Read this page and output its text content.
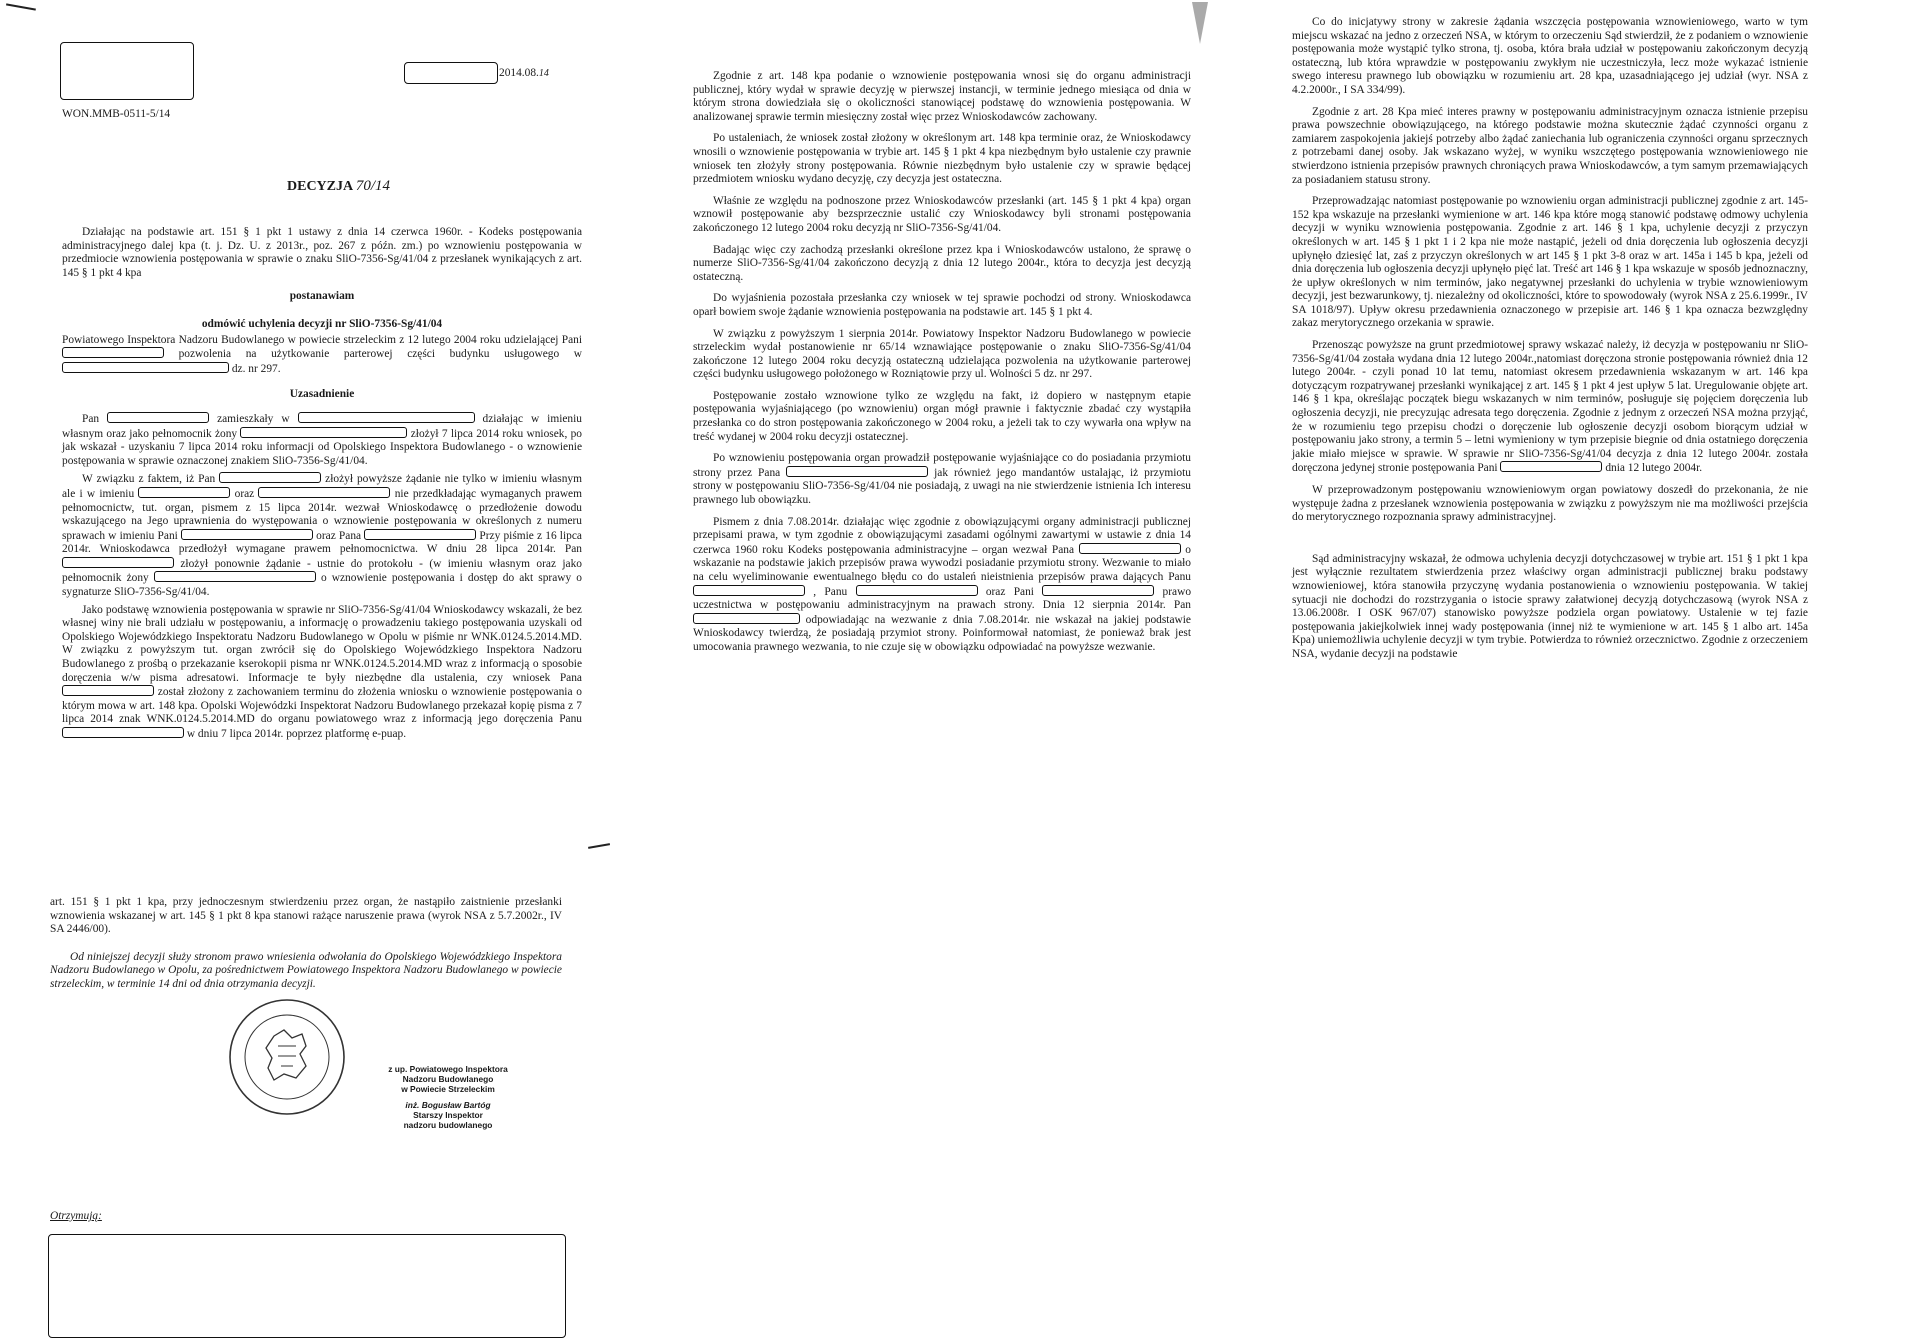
WON.MMB-0511-5/14
2014.08.14
DECYZJA 70/14

Działając na podstawie art. 151 § 1 pkt 1 ustawy z dnia 14 czerwca 1960r. - Kodeks postępowania administracyjnego dalej kpa (t. j. Dz. U. z 2013r., poz. 267 z późn. zm.) po wznowieniu postępowania w przedmiocie wznowienia postępowania w sprawie o znaku SliO-7356-Sg/41/04 z przesłanek wynikających z art. 145 § 1 pkt 4 kpa

postanawiam

odmówić uchylenia decyzji nr SliO-7356-Sg/41/04

Powiatowego Inspektora Nadzoru Budowlanego w powiecie strzeleckim z 12 lutego 2004 roku udzielającej Pani  pozwolenia na użytkowanie parterowej części budynku usługowego w  dz. nr 297.

Uzasadnienie

Pan	zamieszkały w	działając w imieniu własnym oraz jako pełnomocnik żony	złożył 7 lipca 2014 roku wniosek, po jak wskazał - uzyskaniu 7 lipca 2014 roku informacji od Opolskiego Inspektora Budowlanego - o wznowienie postępowania w sprawie oznaczonej znakiem SliO-7356-Sg/41/04.

W związku z faktem, iż Pan	złożył powyższe żądanie nie tylko w imieniu własnym ale i w imieniu	oraz	nie przedkładając wymaganych prawem pełnomocnictw, tut. organ, pismem z 15 lipca 2014r. wezwał Wnioskodawcę o przedłożenie dowodu wskazującego na Jego uprawnienia do występowania o wznowienie postępowania w określonych z numeru sprawach w imieniu Pani	oraz Pana	Przy piśmie z 16 lipca 2014r. Wnioskodawca przedłożył wymagane prawem pełnomocnictwa. W dniu 28 lipca 2014r. Pan  złożył ponownie żądanie - ustnie do protokołu - (w imieniu własnym oraz jako pełnomocnik żony	o wznowienie postępowania i dostęp do akt sprawy o sygnaturze SliO-7356-Sg/41/04.

Jako podstawę wznowienia postępowania w sprawie nr SliO-7356-Sg/41/04 Wnioskodawcy wskazali, że bez własnej winy nie brali udziału w postępowaniu, a informację o prowadzeniu takiego postępowania uzyskali od Opolskiego Wojewódzkiego Inspektoratu Nadzoru Budowlanego w Opolu w piśmie nr WNK.0124.5.2014.MD. W związku z powyższym tut. organ zwrócił się do Opolskiego Wojewódzkiego Inspektora Nadzoru Budowlanego z prośbą o przekazanie kserokopii pisma nr WNK.0124.5.2014.MD wraz z informacją o sposobie doręczenia w/w pisma adresatowi. Informacje te były niezbędne dla ustalenia, czy wniosek Pana  został złożony z zachowaniem terminu do złożenia wniosku o wznowienie postępowania o którym mowa w art. 148 kpa. Opolski Wojewódzki Inspektorat Nadzoru Budowlanego przekazał kopię pisma z 7 lipca 2014 znak WNK.0124.5.2014.MD do organu powiatowego wraz z informacją jego doręczenia Panu  w dniu 7 lipca 2014r. poprzez platformę e-puap.

art. 151 § 1 pkt 1 kpa, przy jednoczesnym stwierdzeniu przez organ, że nastąpiło zaistnienie przesłanki wznowienia wskazanej w art. 145 § 1 pkt 8 kpa stanowi rażące naruszenie prawa (wyrok NSA z 5.7.2002r., IV SA 2446/00).

Od niniejszej decyzji służy stronom prawo wniesienia odwołania do Opolskiego Wojewódzkiego Inspektora Nadzoru Budowlanego w Opolu, za pośrednictwem Powiatowego Inspektora Nadzoru Budowlanego w powiecie strzeleckim, w terminie 14 dni od dnia otrzymania decyzji.

z up. Powiatowego Inspektora
Nadzoru Budowlanego
w Powiecie Strzeleckim
inż. Bogusław Bartóg
Starszy Inspektor
nadzoru budowlanego
Otrzymują:

Zgodnie z art. 148 kpa podanie o wznowienie postępowania wnosi się do organu administracji publicznej, który wydał w sprawie decyzję w pierwszej instancji, w terminie jednego miesiąca od dnia w którym strona dowiedziała się o okoliczności stanowiącej podstawę do wznowienia postępowania. W analizowanej sprawie termin miesięczny został więc przez Wnioskodawców zachowany.

Po ustaleniach, że wniosek został złożony w określonym art. 148 kpa terminie oraz, że Wnioskodawcy wnosili o wznowienie postępowania w trybie art. 145 § 1 pkt 4 kpa niezbędnym było ustalenie czy prawnie wniosek ten złożyły strony postępowania. Równie niezbędnym było ustalenie czy w sprawie będącej przedmiotem wniosku wydano decyzję, czy decyzja jest ostateczna.

Właśnie ze względu na podnoszone przez Wnioskodawców przesłanki (art. 145 § 1 pkt 4 kpa) organ wznowił postępowanie aby bezsprzecznie ustalić czy Wnioskodawcy byli stronami postępowania zakończonego 12 lutego 2004 roku decyzją nr SliO-7356-Sg/41/04.

Badając więc czy zachodzą przesłanki określone przez kpa i Wnioskodawców ustalono, że sprawę o numerze SliO-7356-Sg/41/04 zakończono decyzją z dnia 12 lutego 2004r., która to decyzja jest decyzją ostateczną.

Do wyjaśnienia pozostała przesłanka czy wniosek w tej sprawie pochodzi od strony. Wnioskodawca oparł bowiem swoje żądanie wznowienia postępowania na podstawie art. 145 § 1 pkt 4.

W związku z powyższym 1 sierpnia 2014r. Powiatowy Inspektor Nadzoru Budowlanego w powiecie strzeleckim wydał postanowienie nr 65/14 wznawiające postępowanie o znaku SliO-7356-Sg/41/04 zakończone 12 lutego 2004 roku decyzją ostateczną udzielająca pozwolenia na użytkowanie parterowej części budynku usługowego położonego w Rozniątowie przy ul. Wolności 5 dz. nr 297.

Postępowanie zostało wznowione tylko ze względu na fakt, iż dopiero w następnym etapie postępowania wyjaśniającego (po wznowieniu) organ mógł prawnie i faktycznie zbadać czy wystąpiła przesłanka co do stron postępowania zakończonego w 2004 roku, a jeżeli tak to czy wywarła ona wpływ na treść wydanej w 2004 roku decyzji ostatecznej.

Po wznowieniu postępowania organ prowadził postępowanie wyjaśniające co do posiadania przymiotu strony przez Pana	jak również jego mandantów ustalając, iż przymiotu strony w postępowaniu SliO-7356-Sg/41/04 nie posiadają, z uwagi na nie stwierdzenie istnienia Ich interesu prawnego lub obowiązku.

Pismem z dnia 7.08.2014r. działając więc zgodnie z obowiązującymi organy administracji publicznej przepisami prawa, w tym zgodnie z obowiązującymi zasadami ogólnymi zawartymi w ustawie z dnia 14 czerwca 1960 roku Kodeks postępowania administracyjne – organ wezwał Pana	o wskazanie na podstawie jakich przepisów prawa wywodzi posiadanie przymiotu strony. Wezwanie to miało na celu wyeliminowanie ewentualnego błędu co do ustaleń nieistnienia przepisów prawa dających Panu  , Panu	oraz Pani	prawo uczestnictwa w postępowaniu administracyjnym na prawach strony. Dnia 12 sierpnia 2014r. Pan  odpowiadając na wezwanie z dnia 7.08.2014r. nie wskazał na jakiej podstawie Wnioskodawcy twierdzą, że posiadają przymiot strony. Poinformował natomiast, że ponieważ brak jest umocowania prawnego wezwania, to nie czuje się w obowiązku odpowiadać na powyższe wezwanie.

Co do inicjatywy strony w zakresie żądania wszczęcia postępowania wznowieniowego, warto w tym miejscu wskazać na jedno z orzeczeń NSA, w którym to orzeczeniu Sąd stwierdził, że z podaniem o wznowienie postępowania może wystąpić tylko strona, tj. osoba, która brała udział w postępowaniu zakończonym decyzją ostateczną, lub która wprawdzie w postępowaniu zwykłym nie uczestniczyła, lecz może wykazać istnienie swego interesu prawnego lub obowiązku w rozumieniu art. 28 kpa, uzasadniającego jej udział (wyr. NSA z 4.2.2000r., I SA 334/99).

Zgodnie z art. 28 Kpa mieć interes prawny w postępowaniu administracyjnym oznacza istnienie przepisu prawa powszechnie obowiązującego, na którego podstawie można skutecznie żądać czynności organu z zamiarem zaspokojenia jakiejś potrzeby albo żądać zaniechania lub ograniczenia czynności organu sprzecznych z potrzebami danej osoby. Jak wskazano wyżej, w wyniku wszczętego postępowania wznowieniowego nie stwierdzono istnienia przepisów prawnych chroniących prawa Wnioskodawców, a tym samym przemawiających za posiadaniem statusu strony.

Przeprowadzając natomiast postępowanie po wznowieniu organ administracji publicznej zgodnie z art. 145-152 kpa wskazuje na przesłanki wymienione w art. 146 kpa które mogą stanowić podstawę odmowy uchylenia decyzji w wyniku wznowienia postępowania. Zgodnie z art. 146 § 1 kpa, uchylenie decyzji z przyczyn określonych w art. 145 § 1 pkt 1 i 2 kpa nie może nastąpić, jeżeli od dnia doręczenia lub ogłoszenia decyzji upłynęło dziesięć lat, zaś z przyczyn określonych w art 145 § 1 pkt 3-8 oraz w art. 145a i 145 b kpa, jeżeli od dnia doręczenia lub ogłoszenia decyzji upłynęło pięć lat. Treść art 146 § 1 kpa wskazuje w sposób jednoznaczny, że upływ określonych w nim terminów, jako negatywnej przesłanki do uchylenia w trybie wznowieniowym decyzji, jest bezwarunkowy, tj. niezależny od okoliczności, które to spowodowały (wyrok NSA z 25.6.1999r., IV SA 1018/97). Upływ okresu przedawnienia oznaczonego w przepisie art. 146 § 1 kpa oznacza bezwzględny zakaz merytorycznego orzekania w sprawie.

Przenosząc powyższe na grunt przedmiotowej sprawy wskazać należy, iż decyzja w postępowaniu nr SliO-7356-Sg/41/04 została wydana dnia 12 lutego 2004r.,natomiast doręczona stronie postępowania również dnia 12 lutego 2004r. - czyli ponad 10 lat temu, natomiast okresem przedawnienia wskazanym w art. 146 kpa dotyczącym rozpatrywanej przesłanki wynikającej z art. 145 § 1 pkt 4 jest upływ 5 lat. Uregulowanie objęte art. 146 § 1 kpa, określając początek biegu wskazanych w nim terminów, posługuje się pojęciem doręczenia lub ogłoszenia decyzji, nie precyzując adresata tego doręczenia. Zgodnie z jednym z orzeczeń NSA można przyjąć, że w rozumieniu tego przepisu chodzi o doręczenie lub ogłoszenie decyzji osobom biorącym udział w postępowaniu jako strony, a termin 5 – letni wymieniony w tym przepisie biegnie od dnia ostatniego doręczenia jakie miało miejsce w sprawie. W sprawie nr SliO-7356-Sg/41/04 decyzja z dnia 12 lutego 2004r. została doręczona jedynej stronie postępowania Pani	dnia 12 lutego 2004r.

W przeprowadzonym postępowaniu wznowieniowym organ powiatowy doszedł do przekonania, że nie występuje żadna z przesłanek wznowienia postępowania w związku z powyższym nie ma możliwości przejścia do merytorycznego rozpoznania sprawy administracyjnej.

Sąd administracyjny wskazał, że odmowa uchylenia decyzji dotychczasowej w trybie art. 151 § 1 pkt 1 kpa jest wyłącznie rezultatem stwierdzenia przez właściwy organ administracji publicznej braku podstawy wznowieniowej, która stanowiła przyczynę wydania postanowienia o wznowieniu postępowania. W takiej sytuacji nie dochodzi do rozstrzygania o istocie sprawy załatwionej decyzją dotychczasową (wyrok NSA z 13.06.2008r. I OSK 967/07) stanowisko powyższe podziela organ powiatowy. Ustalenie w tej fazie postępowania jakiejkolwiek innej wady postępowania (innej niż te wymienione w art. 145 § 1 albo art. 145a Kpa) uniemożliwia uchylenie decyzji w tym trybie. Potwierdza to również orzecznictwo. Zgodnie z orzeczeniem NSA, wydanie decyzji na podstawie
